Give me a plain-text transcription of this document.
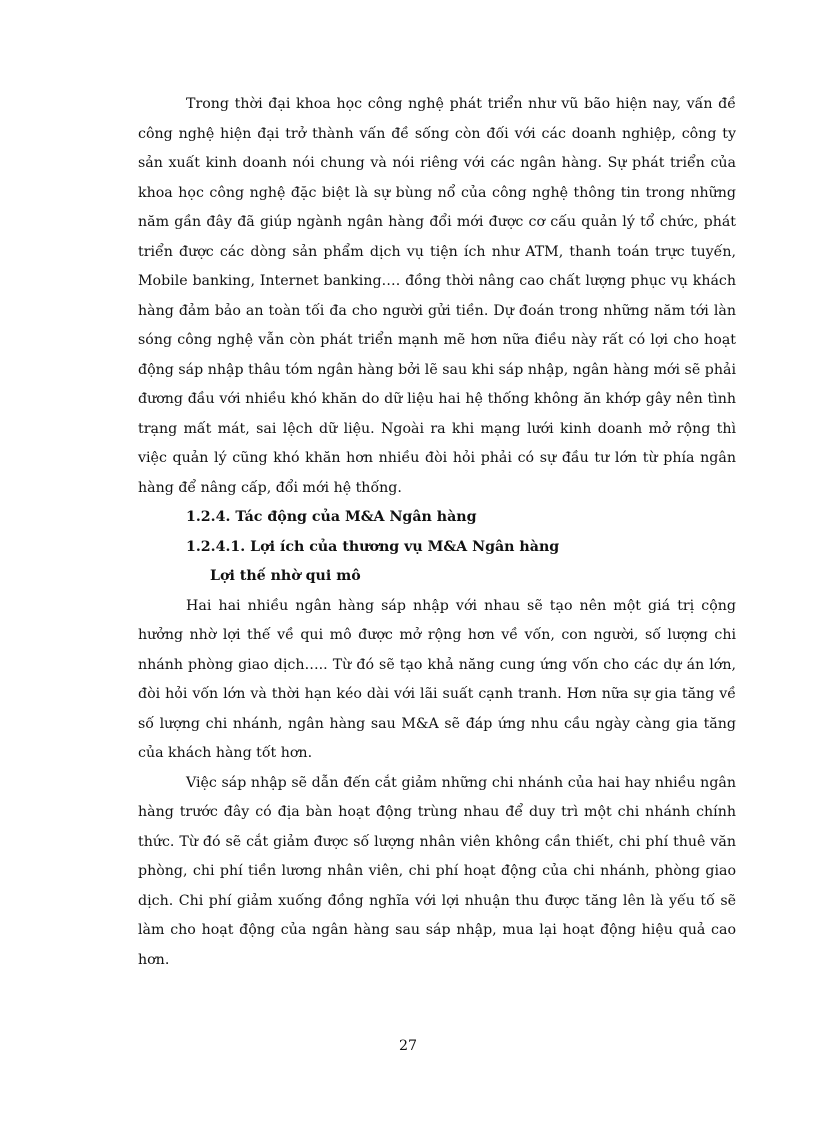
Trong thời đại khoa học công nghệ phát triển như vũ bão hiện nay, vấn đề công nghệ hiện đại trở thành vấn đề sống còn đối với các doanh nghiệp, công ty sản xuất kinh doanh nói chung và nói riêng với các ngân hàng. Sự phát triển của khoa học công nghệ đặc biệt là sự bùng nổ của công nghệ thông tin trong những năm gần đây đã giúp ngành ngân hàng đổi mới được cơ cấu quản lý tổ chức, phát triển được các dòng sản phẩm dịch vụ tiện ích như ATM, thanh toán trực tuyến, Mobile banking, Internet banking…. đồng thời nâng cao chất lượng phục vụ khách hàng đảm bảo an toàn tối đa cho người gửi tiền. Dự đoán trong những năm tới làn sóng công nghệ vẫn còn phát triển mạnh mẽ hơn nữa điều này rất có lợi cho hoạt động sáp nhập thâu tóm ngân hàng bởi lẽ sau khi sáp nhập, ngân hàng mới sẽ phải đương đầu với nhiều khó khăn do dữ liệu hai hệ thống không ăn khớp gây nên tình trạng mất mát, sai lệch dữ liệu. Ngoài ra khi mạng lưới kinh doanh mở rộng thì việc quản lý cũng khó khăn hơn nhiều đòi hỏi phải có sự đầu tư lớn từ phía ngân hàng để nâng cấp, đổi mới hệ thống.

1.2.4. Tác động của M&A Ngân hàng

1.2.4.1. Lợi ích của thương vụ M&A Ngân hàng

Lợi thế nhờ qui mô

Hai hai nhiều ngân hàng sáp nhập với nhau sẽ tạo nên một giá trị cộng hưởng nhờ lợi thế về qui mô được mở rộng hơn về vốn, con người, số lượng chi nhánh phòng giao dịch….. Từ đó sẽ tạo khả năng cung ứng vốn cho các dự án lớn, đòi hỏi vốn lớn và thời hạn kéo dài với lãi suất cạnh tranh. Hơn nữa sự gia tăng về số lượng chi nhánh, ngân hàng sau M&A sẽ đáp ứng nhu cầu ngày càng gia tăng của khách hàng tốt hơn.

Việc sáp nhập sẽ dẫn đến cắt giảm những chi nhánh của hai hay nhiều ngân hàng trước đây có địa bàn hoạt động trùng nhau để duy trì một chi nhánh chính thức. Từ đó sẽ cắt giảm được số lượng nhân viên không cần thiết, chi phí thuê văn phòng, chi phí tiền lương nhân viên, chi phí hoạt động của chi nhánh, phòng giao dịch. Chi phí giảm xuống đồng nghĩa với lợi nhuận thu được tăng lên là yếu tố sẽ làm cho hoạt động của ngân hàng sau sáp nhập, mua lại hoạt động hiệu quả cao hơn.

27
